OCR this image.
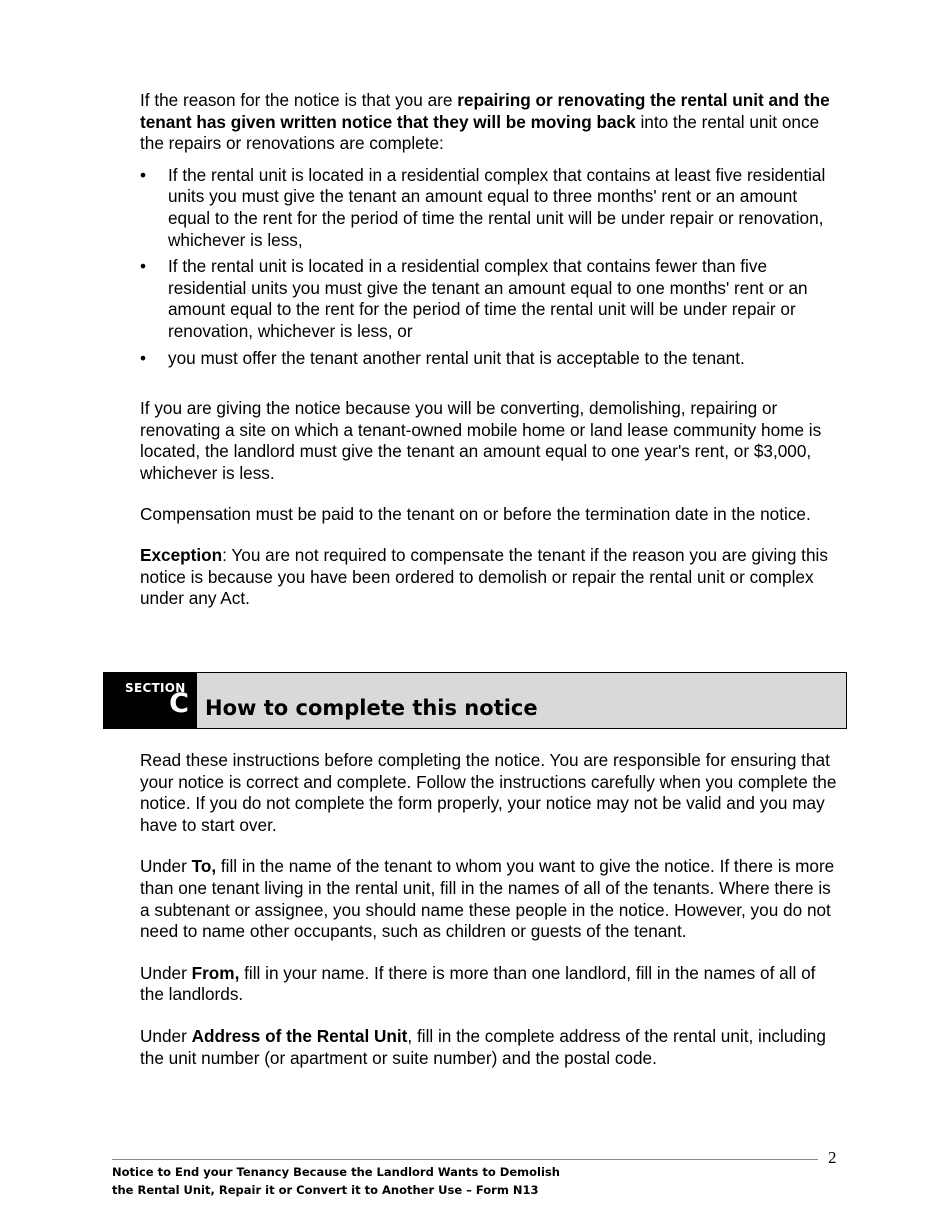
If the reason for the notice is that you are repairing or renovating the rental unit and the tenant has given written notice that they will be moving back into the rental unit once the repairs or renovations are complete:

•	If the rental unit is located in a residential complex that contains at least five residential units you must give the tenant an amount equal to three months' rent or an amount equal to the rent for the period of time the rental unit will be under repair or renovation, whichever is less,
•	If the rental unit is located in a residential complex that contains fewer than five residential units you must give the tenant an amount equal to one months' rent or an amount equal to the rent for the period of time the rental unit will be under repair or renovation, whichever is less, or
•	you must offer the tenant another rental unit that is acceptable to the tenant.

If you are giving the notice because you will be converting, demolishing, repairing or renovating a site on which a tenant-owned mobile home or land lease community home is located, the landlord must give the tenant an amount equal to one year's rent, or $3,000, whichever is less.

Compensation must be paid to the tenant on or before the termination date in the notice.

Exception: You are not required to compensate the tenant if the reason you are giving this notice is because you have been ordered to demolish or repair the rental unit or complex under any Act.

SECTION
C How to complete this notice

Read these instructions before completing the notice. You are responsible for ensuring that your notice is correct and complete. Follow the instructions carefully when you complete the notice. If you do not complete the form properly, your notice may not be valid and you may have to start over.

Under To, fill in the name of the tenant to whom you want to give the notice. If there is more than one tenant living in the rental unit, fill in the names of all of the tenants. Where there is a subtenant or assignee, you should name these people in the notice. However, you do not need to name other occupants, such as children or guests of the tenant.

Under From, fill in your name. If there is more than one landlord, fill in the names of all of the landlords.

Under Address of the Rental Unit, fill in the complete address of the rental unit, including the unit number (or apartment or suite number) and the postal code.

2
Notice to End your Tenancy Because the Landlord Wants to Demolish
the Rental Unit, Repair it or Convert it to Another Use – Form N13
